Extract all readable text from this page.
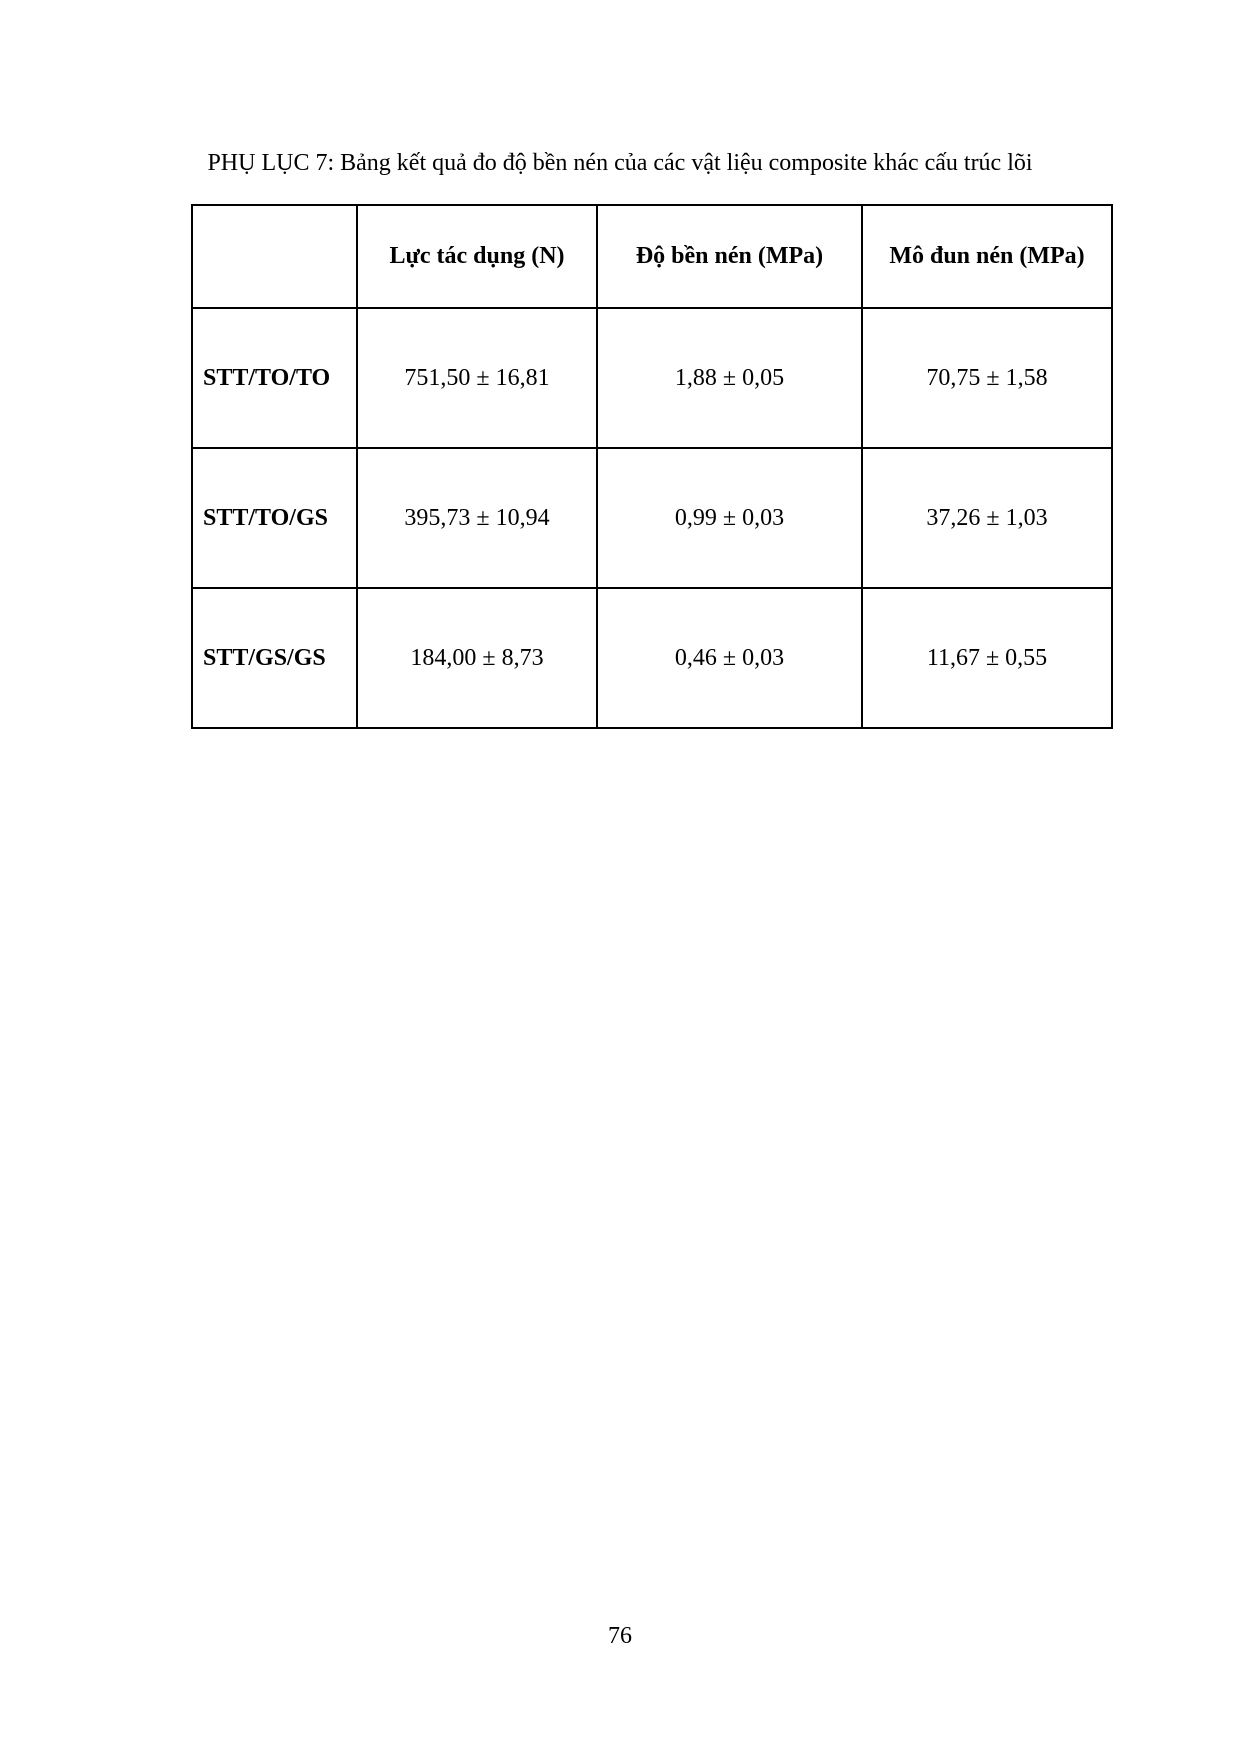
PHỤ LỤC 7: Bảng kết quả đo độ bền nén của các vật liệu composite khác cấu trúc lõi
	Lực tác dụng (N)	Độ bền nén (MPa)	Mô đun nén (MPa)
STT/TO/TO	751,50 ± 16,81	1,88 ± 0,05	70,75 ± 1,58
STT/TO/GS	395,73 ± 10,94	0,99 ± 0,03	37,26 ± 1,03
STT/GS/GS	184,00 ± 8,73	0,46 ± 0,03	11,67 ± 0,55
76
